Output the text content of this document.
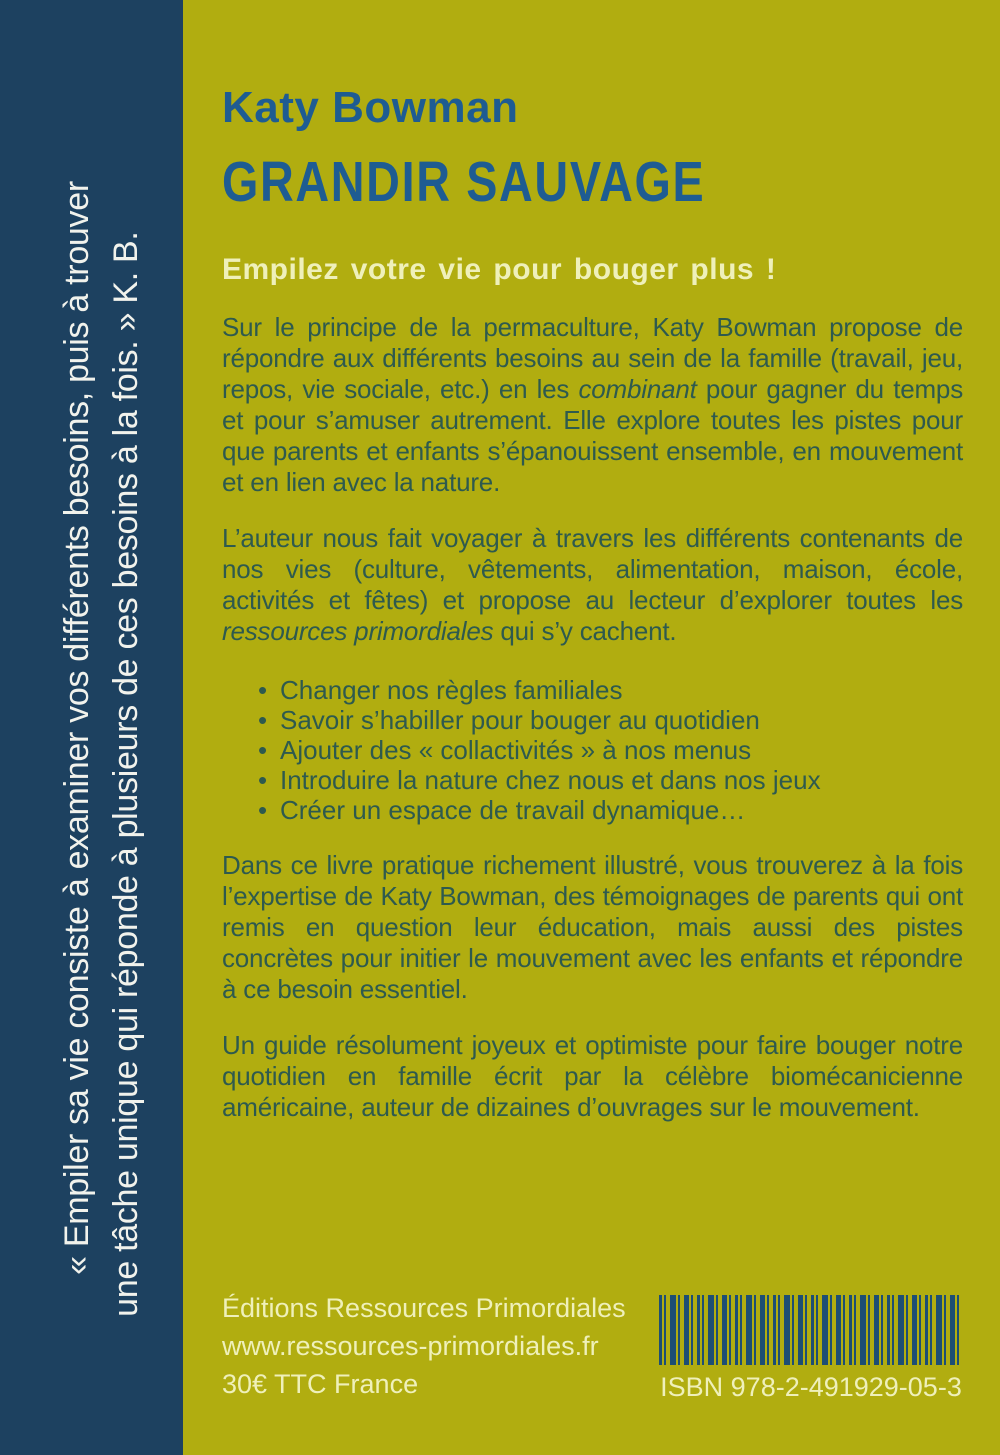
« Empiler sa vie consiste à examiner vos différents besoins, puis à trouver une tâche unique qui réponde à plusieurs de ces besoins à la fois. » K. B.
Katy Bowman
GRANDIR SAUVAGE
Empilez votre vie pour bouger plus !

Sur le principe de la permaculture, Katy Bowman propose de répondre aux différents besoins au sein de la famille (travail, jeu, repos, vie sociale, etc.) en les combinant pour gagner du temps et pour s’amuser autrement. Elle explore toutes les pistes pour que parents et enfants s’épanouissent ensemble, en mouvement et en lien avec la nature.

L’auteur nous fait voyager à travers les différents contenants de nos vies (culture, vêtements, alimentation, maison, école, activités et fêtes) et propose au lecteur d’explorer toutes les ressources primordiales qui s’y cachent.

• Changer nos règles familiales
• Savoir s’habiller pour bouger au quotidien
• Ajouter des « collactivités » à nos menus
• Introduire la nature chez nous et dans nos jeux
• Créer un espace de travail dynamique…

Dans ce livre pratique richement illustré, vous trouverez à la fois l’expertise de Katy Bowman, des témoignages de parents qui ont remis en question leur éducation, mais aussi des pistes concrètes pour initier le mouvement avec les enfants et répondre à ce besoin essentiel.

Un guide résolument joyeux et optimiste pour faire bouger notre quotidien en famille écrit par la célèbre biomécanicienne américaine, auteur de dizaines d’ouvrages sur le mouvement.

Éditions Ressources Primordiales
www.ressources-primordiales.fr
30€ TTC France	ISBN 978-2-491929-05-3
